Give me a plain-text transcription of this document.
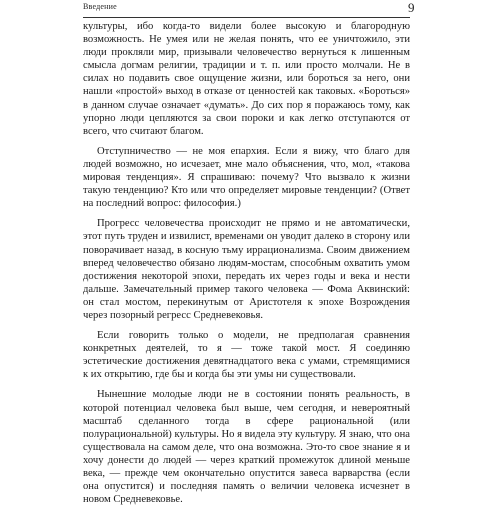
Введение	9

культуры, ибо когда-то видели более высокую и благородную возможность. Не умея или не желая понять, что ее уничтожило, эти люди прокляли мир, призывали человечество вернуться к лишенным смысла догмам религии, традиции и т. п. или просто молчали. Не в силах но подавить свое ощущение жизни, или бороться за него, они нашли «простой» выход в отказе от ценностей как таковых. «Бороться» в данном случае означает «думать». До сих пор я поражаюсь тому, как упорно люди цепляются за свои пороки и как легко отступаются от всего, что считают благом.

Отступничество — не моя епархия. Если я вижу, что благо для людей возможно, но исчезает, мне мало объяснения, что, мол, «такова мировая тенденция». Я спрашиваю: почему? Что вызвало к жизни такую тенденцию? Кто или что определяет мировые тенденции? (Ответ на последний вопрос: философия.)

Прогресс человечества происходит не прямо и не автоматически, этот путь труден и извилист, временами он уводит далеко в сторону или поворачивает назад, в косную тьму иррационализма. Своим движением вперед человечество обязано людям-мостам, способным охватить умом достижения некоторой эпохи, передать их через годы и века и нести дальше. Замечательный пример такого человека — Фома Аквинский: он стал мостом, перекинутым от Аристотеля к эпохе Возрождения через позорный регресс Средневековья.

Если говорить только о модели, не предполагая сравнения конкретных деятелей, то я — тоже такой мост. Я соединяю эстетические достижения девятнадцатого века с умами, стремящимися к их открытию, где бы и когда бы эти умы ни существовали.

Нынешние молодые люди не в состоянии понять реальность, в которой потенциал человека был выше, чем сегодня, и невероятный масштаб сделанного тогда в сфере рациональной (или полурациональной) культуры. Но я видела эту культуру. Я знаю, что она существовала на самом деле, что она возможна. Это-то свое знание я и хочу донести до людей — через краткий промежуток длиной меньше века, — прежде чем окончательно опустится завеса варварства (если она опустится) и последняя память о величии человека исчезнет в новом Средневековье.
